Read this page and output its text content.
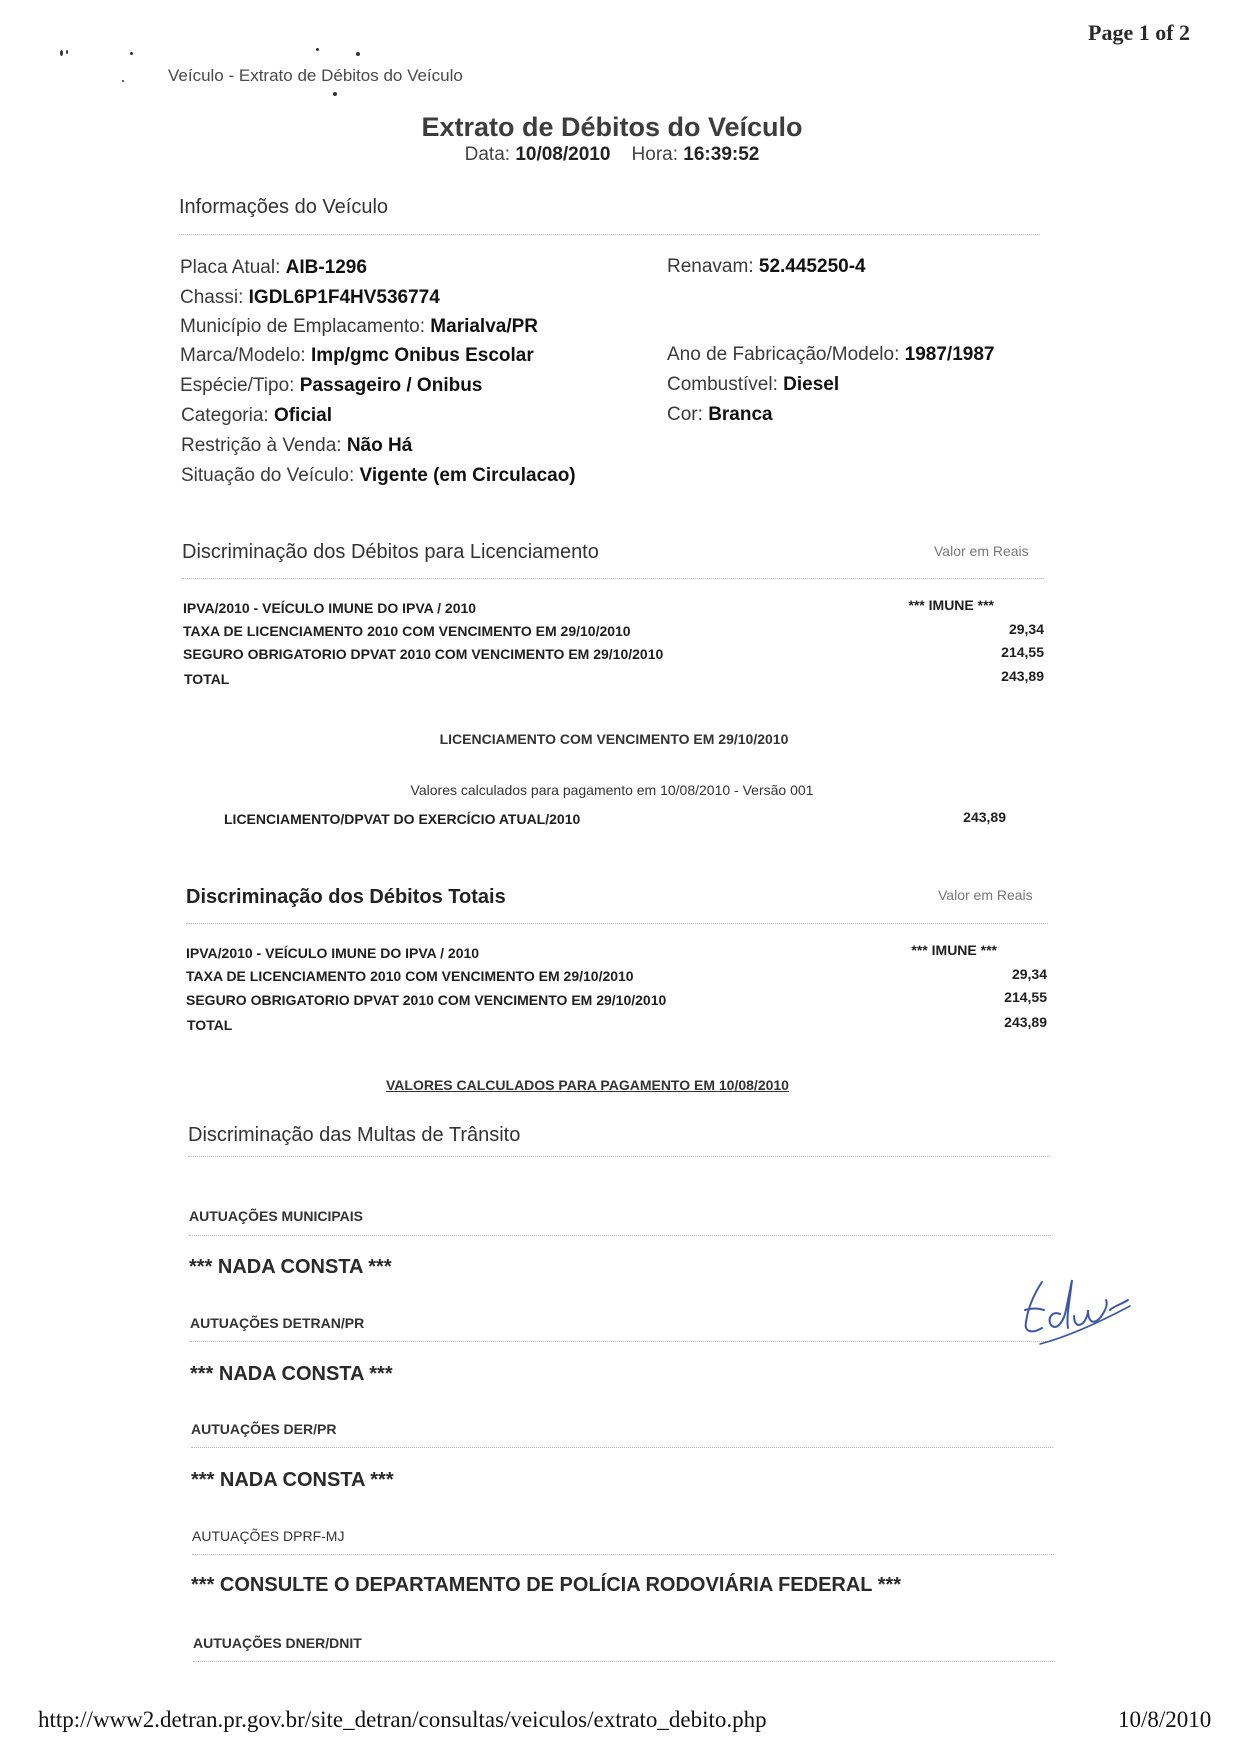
Page 1 of 2
Veículo - Extrato de Débitos do Veículo
Extrato de Débitos do Veículo
Data: 10/08/2010 Hora: 16:39:52
Informações do Veículo
Placa Atual: AIB-1296
Chassi: IGDL6P1F4HV536774
Município de Emplacamento: Marialva/PR
Marca/Modelo: Imp/gmc Onibus Escolar
Espécie/Tipo: Passageiro / Onibus
Categoria: Oficial
Restrição à Venda: Não Há
Situação do Veículo: Vigente (em Circulacao)
Renavam: 52.445250-4
Ano de Fabricação/Modelo: 1987/1987
Combustível: Diesel
Cor: Branca
Discriminação dos Débitos para Licenciamento	Valor em Reais
IPVA/2010 - VEÍCULO IMUNE DO IPVA / 2010	*** IMUNE ***
TAXA DE LICENCIAMENTO 2010 COM VENCIMENTO EM 29/10/2010	29,34
SEGURO OBRIGATORIO DPVAT 2010 COM VENCIMENTO EM 29/10/2010	214,55
TOTAL	243,89
LICENCIAMENTO COM VENCIMENTO EM 29/10/2010
Valores calculados para pagamento em 10/08/2010 - Versão 001
LICENCIAMENTO/DPVAT DO EXERCÍCIO ATUAL/2010	243,89
Discriminação dos Débitos Totais	Valor em Reais
IPVA/2010 - VEÍCULO IMUNE DO IPVA / 2010	*** IMUNE ***
TAXA DE LICENCIAMENTO 2010 COM VENCIMENTO EM 29/10/2010	29,34
SEGURO OBRIGATORIO DPVAT 2010 COM VENCIMENTO EM 29/10/2010	214,55
TOTAL	243,89
VALORES CALCULADOS PARA PAGAMENTO EM 10/08/2010
Discriminação das Multas de Trânsito
AUTUAÇÕES MUNICIPAIS
*** NADA CONSTA ***
AUTUAÇÕES DETRAN/PR
*** NADA CONSTA ***
AUTUAÇÕES DER/PR
*** NADA CONSTA ***
AUTUAÇÕES DPRF-MJ
*** CONSULTE O DEPARTAMENTO DE POLÍCIA RODOVIÁRIA FEDERAL ***
AUTUAÇÕES DNER/DNIT
http://www2.detran.pr.gov.br/site_detran/consultas/veiculos/extrato_debito.php	10/8/2010
